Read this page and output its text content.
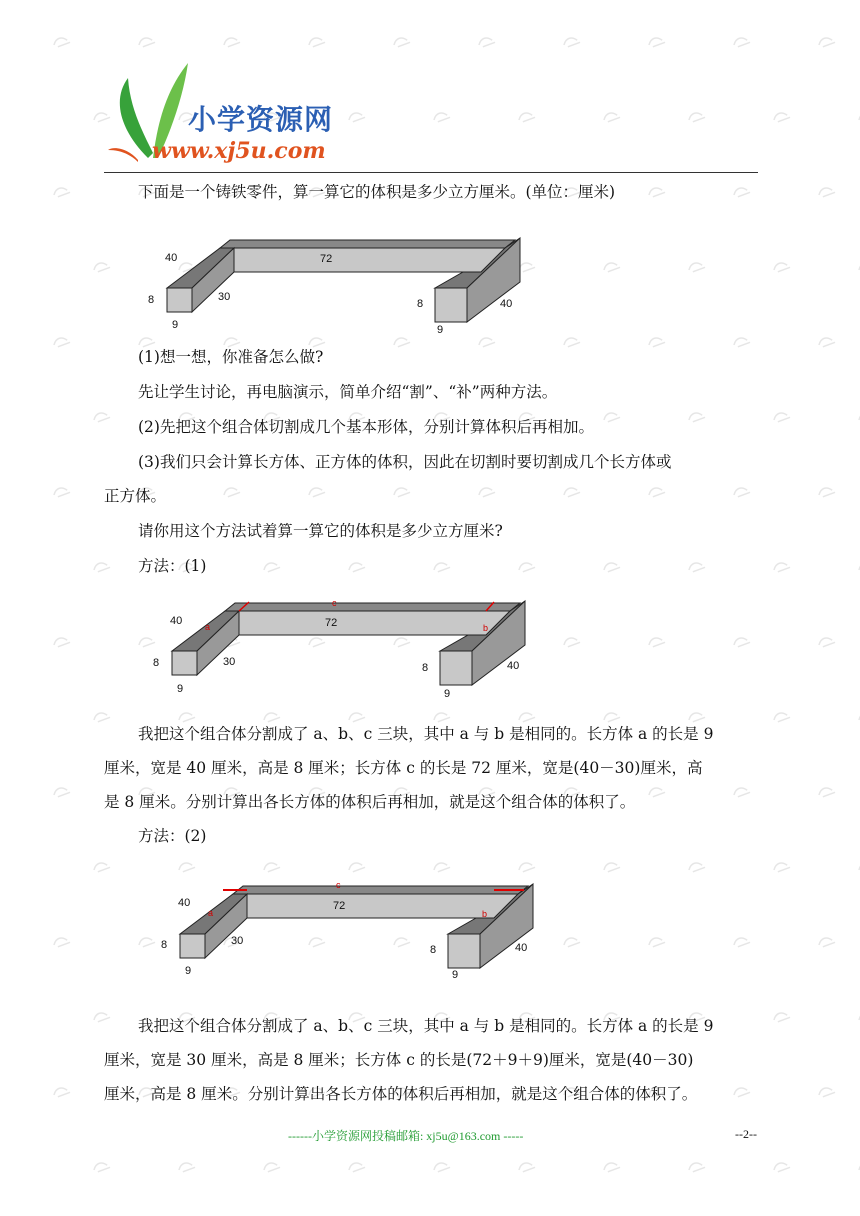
小学资源网
www.xj5u.com
下面是一个铸铁零件，算一算它的体积是多少立方厘米。(单位：厘米)
40	72
8	30
9
8	40
9
(1)想一想，你准备怎么做?
先让学生讨论，再电脑演示，简单介绍“割”、“补”两种方法。
(2)先把这个组合体切割成几个基本形体，分别计算体积后再相加。
(3)我们只会计算长方体、正方体的体积，因此在切割时要切割成几个长方体或
正方体。
请你用这个方法试着算一算它的体积是多少立方厘米?
方法：(1)
a
c
b
40	72
8	30
9
8	40
9
我把这个组合体分割成了 a、b、c 三块，其中 a 与 b 是相同的。长方体 a 的长是 9
厘米，宽是 40 厘米，高是 8 厘米；长方体 c 的长是 72 厘米，宽是(40－30)厘米，高
是 8 厘米。分别计算出各长方体的体积后再相加，就是这个组合体的体积了。
方法：(2)
a
c
b
40	72
8	30
9
8	40
9
我把这个组合体分割成了 a、b、c 三块，其中 a 与 b 是相同的。长方体 a 的长是 9
厘米，宽是 30 厘米，高是 8 厘米；长方体 c 的长是(72＋9＋9)厘米，宽是(40－30)
厘米，高是 8 厘米。分别计算出各长方体的体积后再相加，就是这个组合体的体积了。
------小学资源网投稿邮箱: xj5u@163.com -----	--2--
